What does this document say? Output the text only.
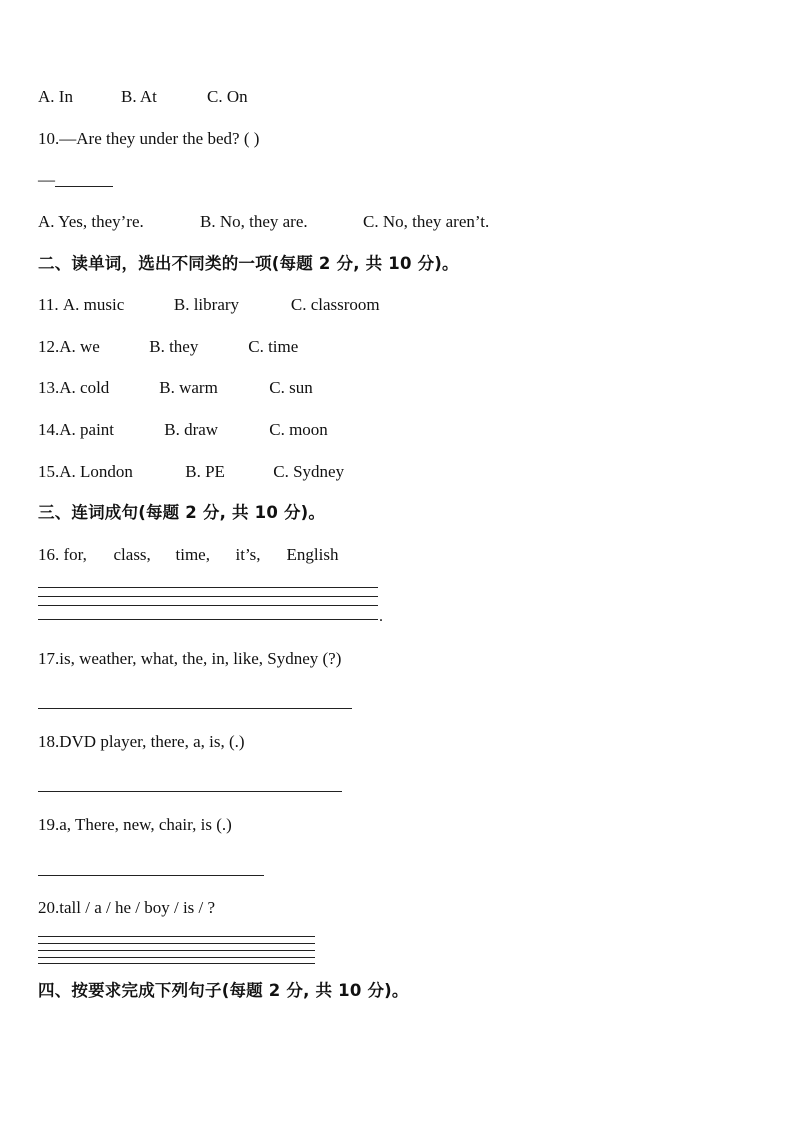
A. In	B. At	C. On
10.—Are they under the bed? ( )
—
A. Yes, they’re.	B. No, they are.	C. No, they aren’t.
二、读单词，选出不同类的一项(每题 2 分, 共 10 分)。
11. A. music	B. library	C. classroom
12.A. we	B. they	C. time
13.A. cold	B. warm	C. sun
14.A. paint	B. draw	C. moon
15.A. London	B. PE	C. Sydney
三、连词成句(每题 2 分, 共 10 分)。
16. for, class, time, it’s, English
.
17.is, weather, what, the, in, like, Sydney (?)
18.DVD player, there, a, is, (.)
19.a, There, new, chair, is (.)
20.tall / a / he / boy / is / ?
四、按要求完成下列句子(每题 2 分, 共 10 分)。
